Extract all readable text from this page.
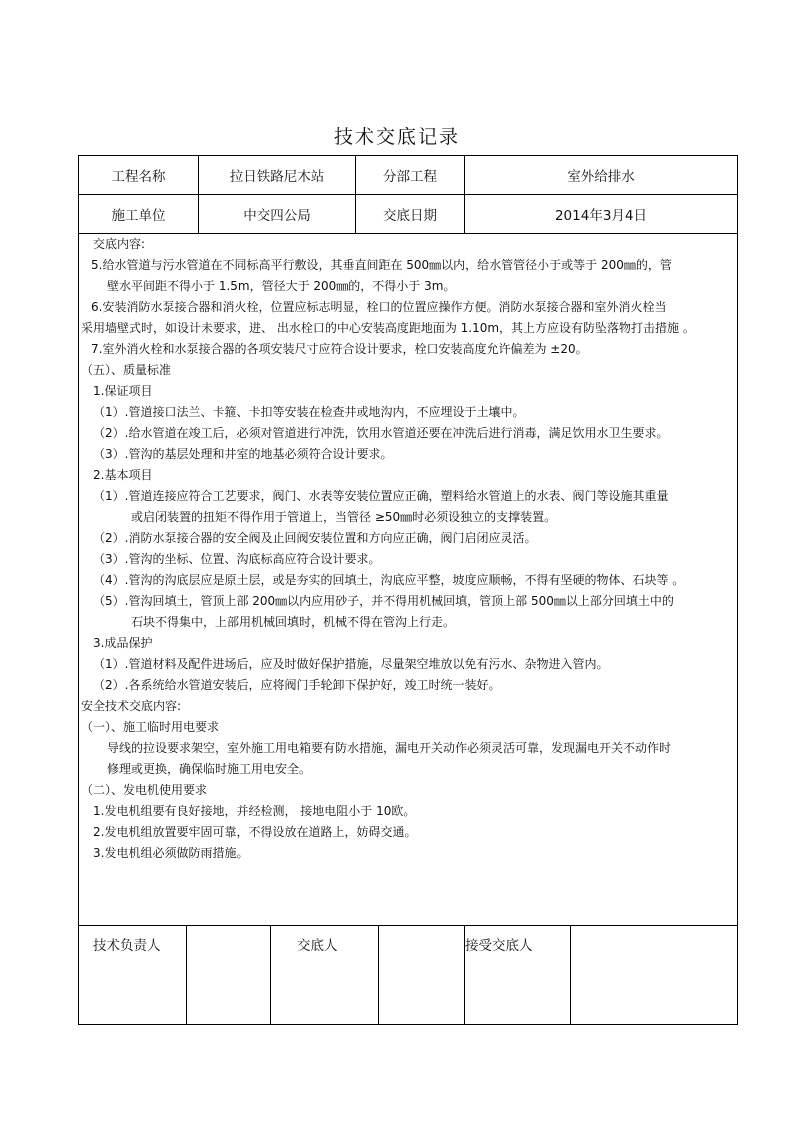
技术交底记录
工程名称	拉日铁路尼木站	分部工程	室外给排水
施工单位	中交四公局	交底日期	2014年3月4日
交底内容:
5.给水管道与污水管道在不同标高平行敷设，其垂直间距在 500㎜以内，给水管管径小于或等于 200㎜的，管
壁水平间距不得小于 1.5m，管径大于 200㎜的，不得小于 3m。
6.安装消防水泵接合器和消火栓，位置应标志明显，栓口的位置应操作方便。消防水泵接合器和室外消火栓当
采用墙壁式时，如设计未要求，进、 出水栓口的中心安装高度距地面为 1.10m，其上方应设有防坠落物打击措施 。
7.室外消火栓和水泵接合器的各项安装尺寸应符合设计要求，栓口安装高度允许偏差为 ±20。
（五）、质量标准
1.保证项目
（1）.管道接口法兰、卡箍、卡扣等安装在检查井或地沟内，不应埋设于土壤中。
（2）.给水管道在竣工后，必须对管道进行冲洗，饮用水管道还要在冲洗后进行消毒，满足饮用水卫生要求。
（3）.管沟的基层处理和井室的地基必须符合设计要求。
2.基本项目
（1）.管道连接应符合工艺要求，阀门、水表等安装位置应正确，塑料给水管道上的水表、阀门等设施其重量
或启闭装置的扭矩不得作用于管道上，当管径 ≥50㎜时必须设独立的支撑装置。
（2）.消防水泵接合器的安全阀及止回阀安装位置和方向应正确，阀门启闭应灵活。
（3）.管沟的坐标、位置、沟底标高应符合设计要求。
（4）.管沟的沟底层应是原土层，或是夯实的回填土，沟底应平整，坡度应顺畅，不得有坚硬的物体、石块等 。
（5）.管沟回填土，管顶上部 200㎜以内应用砂子，并不得用机械回填，管顶上部 500㎜以上部分回填土中的
石块不得集中，上部用机械回填时，机械不得在管沟上行走。
3.成品保护
（1）.管道材料及配件进场后，应及时做好保护措施，尽量架空堆放以免有污水、杂物进入管内。
（2）.各系统给水管道安装后，应将阀门手轮卸下保护好，竣工时统一装好。
安全技术交底内容:
（一）、施工临时用电要求
导线的拉设要求架空，室外施工用电箱要有防水措施，漏电开关动作必须灵活可靠，发现漏电开关不动作时
修理或更换，确保临时施工用电安全。
（二）、发电机使用要求
1.发电机组要有良好接地，并经检测， 接地电阻小于 10欧。
2.发电机组放置要牢固可靠，不得设放在道路上，妨碍交通。
3.发电机组必须做防雨措施。
技术负责人	交底人	接受交底人
